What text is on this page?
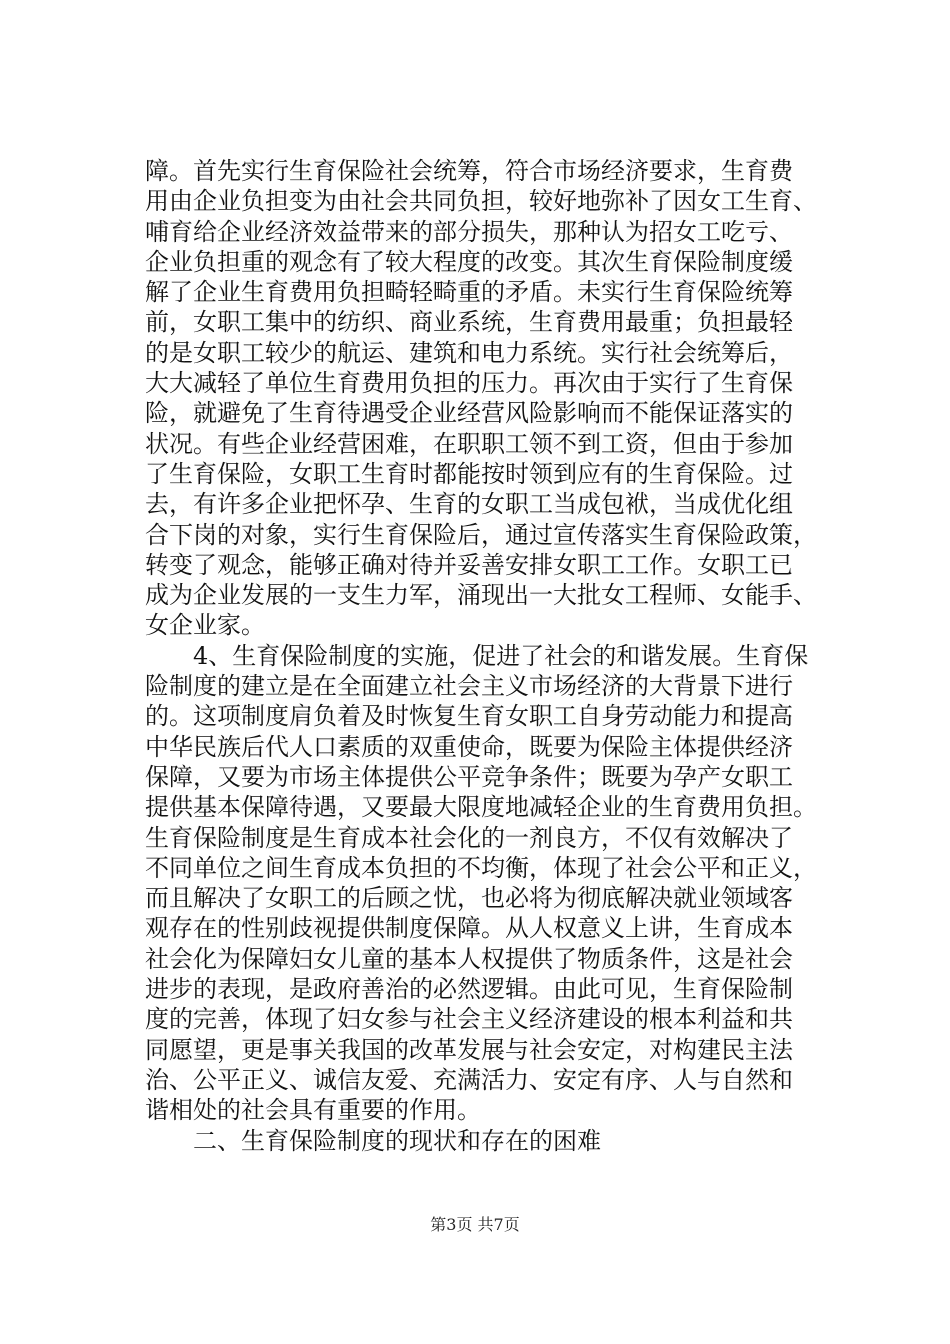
障。首先实行生育保险社会统筹，符合市场经济要求，生育费
用由企业负担变为由社会共同负担，较好地弥补了因女工生育、
哺育给企业经济效益带来的部分损失，那种认为招女工吃亏、
企业负担重的观念有了较大程度的改变。其次生育保险制度缓
解了企业生育费用负担畸轻畸重的矛盾。未实行生育保险统筹
前，女职工集中的纺织、商业系统，生育费用最重；负担最轻
的是女职工较少的航运、建筑和电力系统。实行社会统筹后，
大大减轻了单位生育费用负担的压力。再次由于实行了生育保
险，就避免了生育待遇受企业经营风险影响而不能保证落实的
状况。有些企业经营困难，在职职工领不到工资，但由于参加
了生育保险，女职工生育时都能按时领到应有的生育保险。过
去，有许多企业把怀孕、生育的女职工当成包袱，当成优化组
合下岗的对象，实行生育保险后，通过宣传落实生育保险政策，
转变了观念，能够正确对待并妥善安排女职工工作。女职工已
成为企业发展的一支生力军，涌现出一大批女工程师、女能手、
女企业家。
　　4、生育保险制度的实施，促进了社会的和谐发展。生育保
险制度的建立是在全面建立社会主义市场经济的大背景下进行
的。这项制度肩负着及时恢复生育女职工自身劳动能力和提高
中华民族后代人口素质的双重使命，既要为保险主体提供经济
保障，又要为市场主体提供公平竞争条件；既要为孕产女职工
提供基本保障待遇，又要最大限度地减轻企业的生育费用负担。
生育保险制度是生育成本社会化的一剂良方，不仅有效解决了
不同单位之间生育成本负担的不均衡，体现了社会公平和正义，
而且解决了女职工的后顾之忧，也必将为彻底解决就业领域客
观存在的性别歧视提供制度保障。从人权意义上讲，生育成本
社会化为保障妇女儿童的基本人权提供了物质条件，这是社会
进步的表现，是政府善治的必然逻辑。由此可见，生育保险制
度的完善，体现了妇女参与社会主义经济建设的根本利益和共
同愿望，更是事关我国的改革发展与社会安定，对构建民主法
治、公平正义、诚信友爱、充满活力、安定有序、人与自然和
谐相处的社会具有重要的作用。
　　二、生育保险制度的现状和存在的困难
第3页 共7页
